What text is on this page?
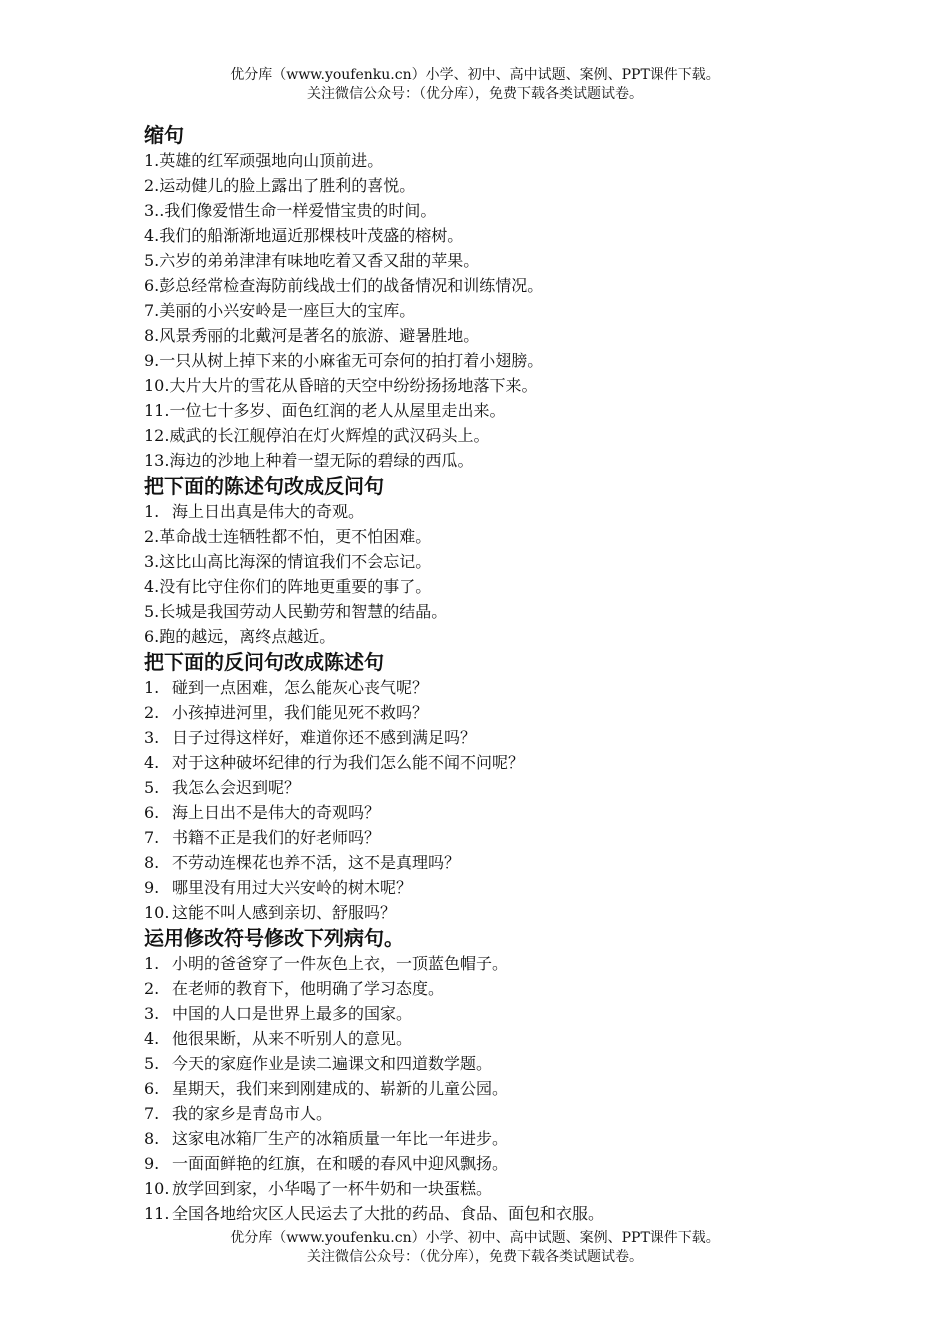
优分库（www.youfenku.cn）小学、初中、高中试题、案例、PPT课件下载。
关注微信公众号：（优分库），免费下载各类试题试卷。
缩句
1.英雄的红军顽强地向山顶前进。
2.运动健儿的脸上露出了胜利的喜悦。
3..我们像爱惜生命一样爱惜宝贵的时间。
4.我们的船渐渐地逼近那棵枝叶茂盛的榕树。
5.六岁的弟弟津津有味地吃着又香又甜的苹果。
6.彭总经常检查海防前线战士们的战备情况和训练情况。
7.美丽的小兴安岭是一座巨大的宝库。
8.风景秀丽的北戴河是著名的旅游、避暑胜地。
9.一只从树上掉下来的小麻雀无可奈何的拍打着小翅膀。
10.大片大片的雪花从昏暗的天空中纷纷扬扬地落下来。
11.一位七十多岁、面色红润的老人从屋里走出来。
12.威武的长江舰停泊在灯火辉煌的武汉码头上。
13.海边的沙地上种着一望无际的碧绿的西瓜。
把下面的陈述句改成反问句
1. 海上日出真是伟大的奇观。
2.革命战士连牺牲都不怕，更不怕困难。
3.这比山高比海深的情谊我们不会忘记。
4.没有比守住你们的阵地更重要的事了。
5.长城是我国劳动人民勤劳和智慧的结晶。
6.跑的越远，离终点越近。
把下面的反问句改成陈述句
1. 碰到一点困难，怎么能灰心丧气呢？
2. 小孩掉进河里，我们能见死不救吗？
3. 日子过得这样好，难道你还不感到满足吗？
4. 对于这种破坏纪律的行为我们怎么能不闻不问呢？
5. 我怎么会迟到呢？
6. 海上日出不是伟大的奇观吗？
7. 书籍不正是我们的好老师吗？
8. 不劳动连棵花也养不活，这不是真理吗？
9. 哪里没有用过大兴安岭的树木呢？
10. 这能不叫人感到亲切、舒服吗？
运用修改符号修改下列病句。
1. 小明的爸爸穿了一件灰色上衣，一顶蓝色帽子。
2. 在老师的教育下，他明确了学习态度。
3. 中国的人口是世界上最多的国家。
4. 他很果断，从来不听别人的意见。
5. 今天的家庭作业是读二遍课文和四道数学题。
6. 星期天，我们来到刚建成的、崭新的儿童公园。
7. 我的家乡是青岛市人。
8. 这家电冰箱厂生产的冰箱质量一年比一年进步。
9. 一面面鲜艳的红旗，在和暖的春风中迎风飘扬。
10. 放学回到家，小华喝了一杯牛奶和一块蛋糕。
11. 全国各地给灾区人民运去了大批的药品、食品、面包和衣服。
优分库（www.youfenku.cn）小学、初中、高中试题、案例、PPT课件下载。
关注微信公众号：（优分库），免费下载各类试题试卷。
